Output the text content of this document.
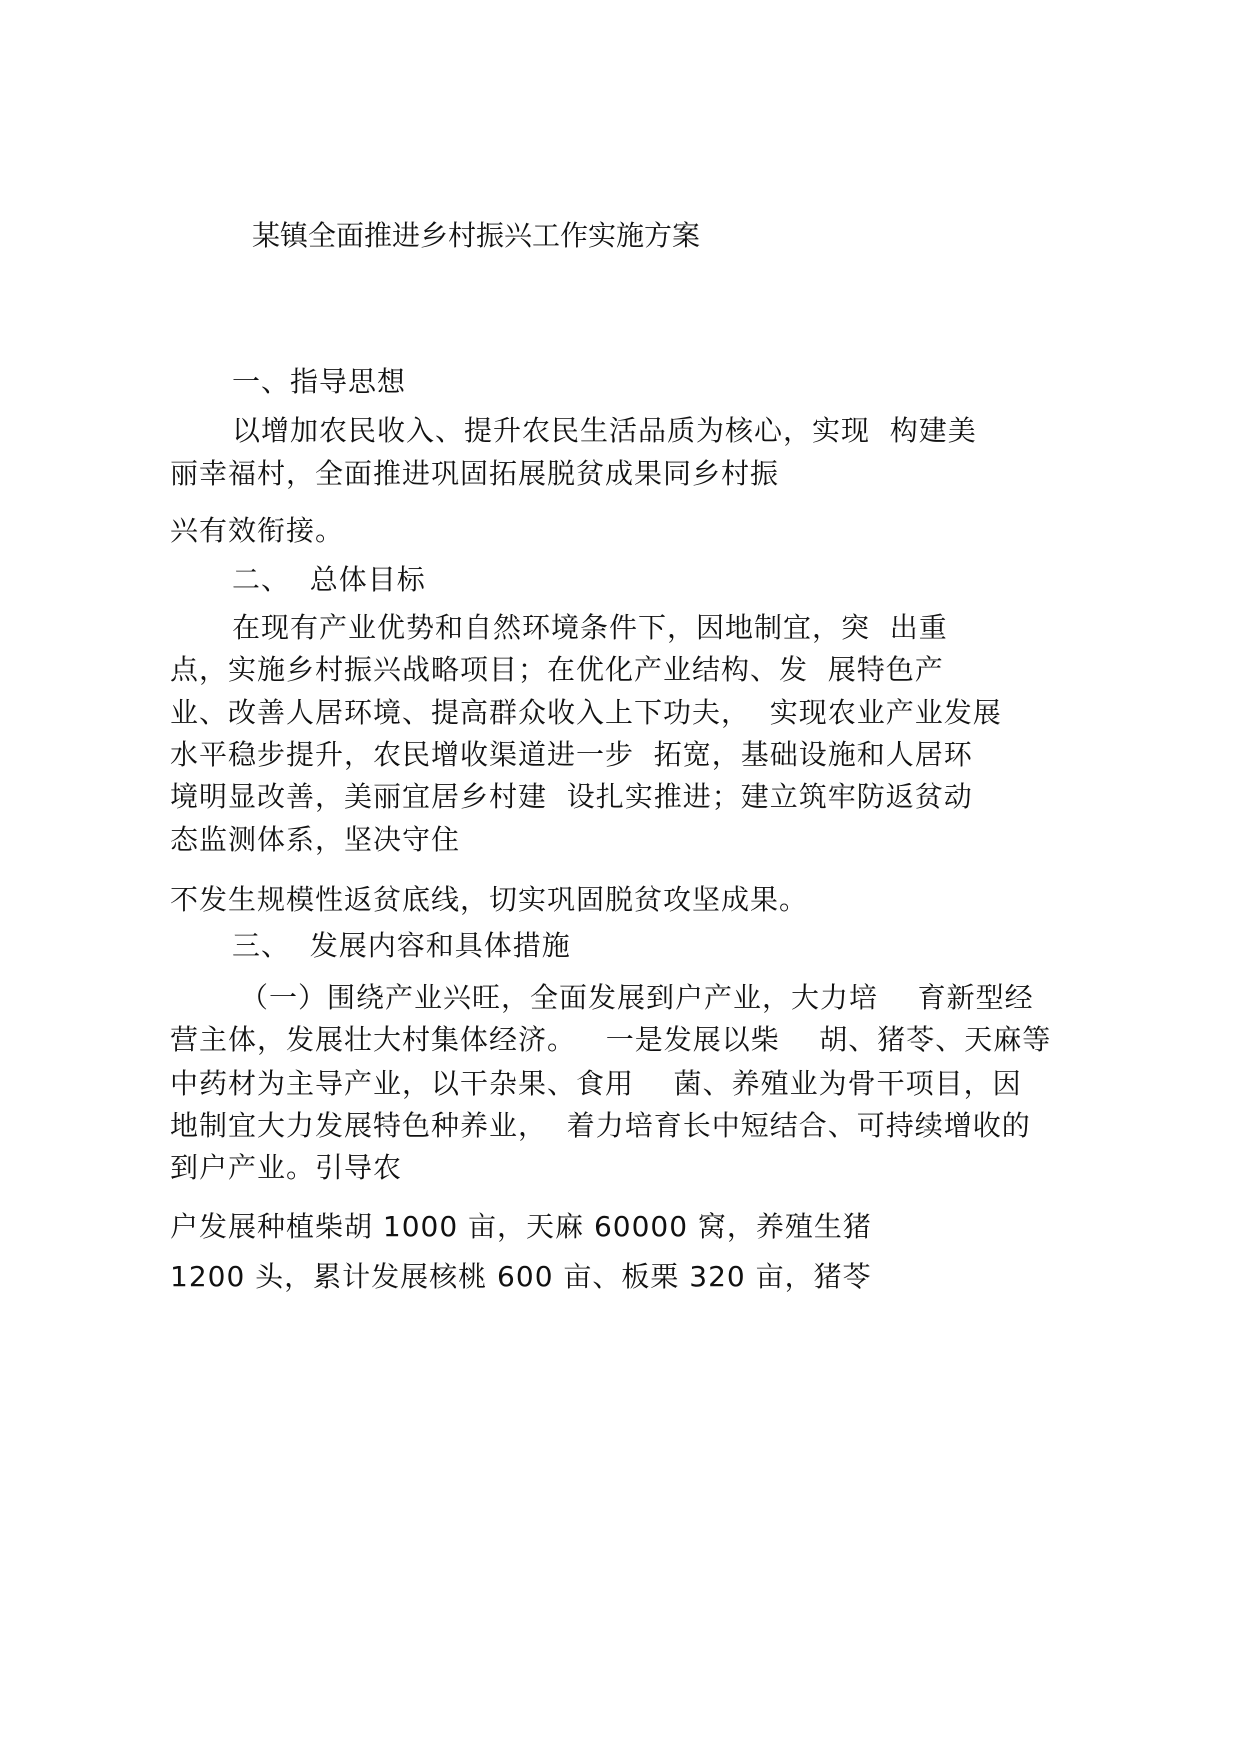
某镇全面推进乡村振兴工作实施方案
一、指导思想
以增加农民收入、提升农民生活品质为核心，实现  构建美
丽幸福村，全面推进巩固拓展脱贫成果同乡村振
兴有效衔接。
二、  总体目标
在现有产业优势和自然环境条件下，因地制宜，突  出重
点，实施乡村振兴战略项目；在优化产业结构、发  展特色产
业、改善人居环境、提高群众收入上下功夫，  实现农业产业发展
水平稳步提升，农民增收渠道进一步  拓宽，基础设施和人居环
境明显改善，美丽宜居乡村建  设扎实推进；建立筑牢防返贫动
态监测体系，坚决守住
不发生规模性返贫底线，切实巩固脱贫攻坚成果。
三、  发展内容和具体措施
（一）围绕产业兴旺，全面发展到户产业，大力培    育新型经
营主体，发展壮大村集体经济。   一是发展以柴    胡、猪苓、天麻等
中药材为主导产业，以干杂果、食用    菌、养殖业为骨干项目，因
地制宜大力发展特色种养业，  着力培育长中短结合、可持续增收的
到户产业。引导农
户发展种植柴胡 1000 亩，天麻 60000 窝，养殖生猪
1200 头，累计发展核桃 600 亩、板栗 320 亩，猪苓
